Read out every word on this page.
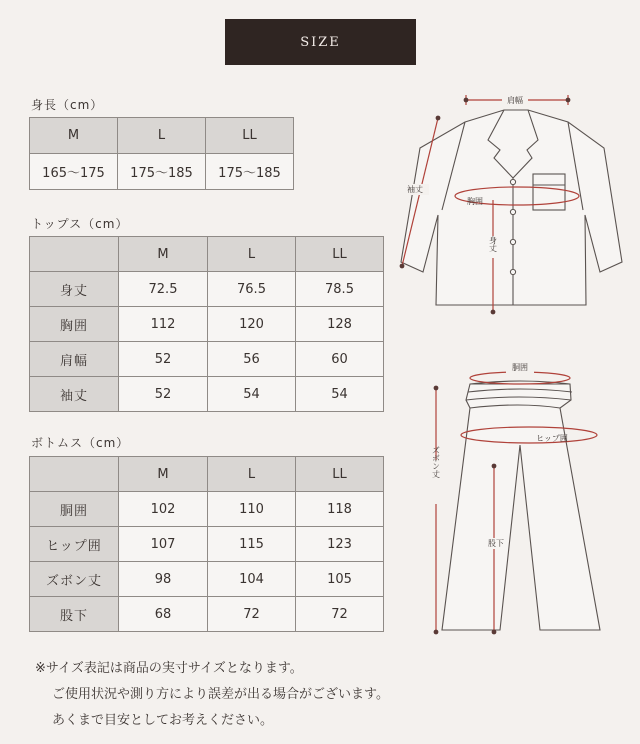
SIZE
身長（cm）
M	L	LL
165〜175	175〜185	175〜185
トップス（cm）
	M	L	LL
身丈	72.5	76.5	78.5
胸囲	112	120	128
肩幅	52	56	60
袖丈	52	54	54
ボトムス（cm）
	M	L	LL
胴囲	102	110	118
ヒップ囲	107	115	123
ズボン丈	98	104	105
股下	68	72	72
肩幅
袖丈
胸囲
身丈
胴囲
ヒップ囲
ズボン丈
股下
※サイズ表記は商品の実寸サイズとなります。
ご使用状況や測り方により誤差が出る場合がございます。
あくまで目安としてお考えください。
